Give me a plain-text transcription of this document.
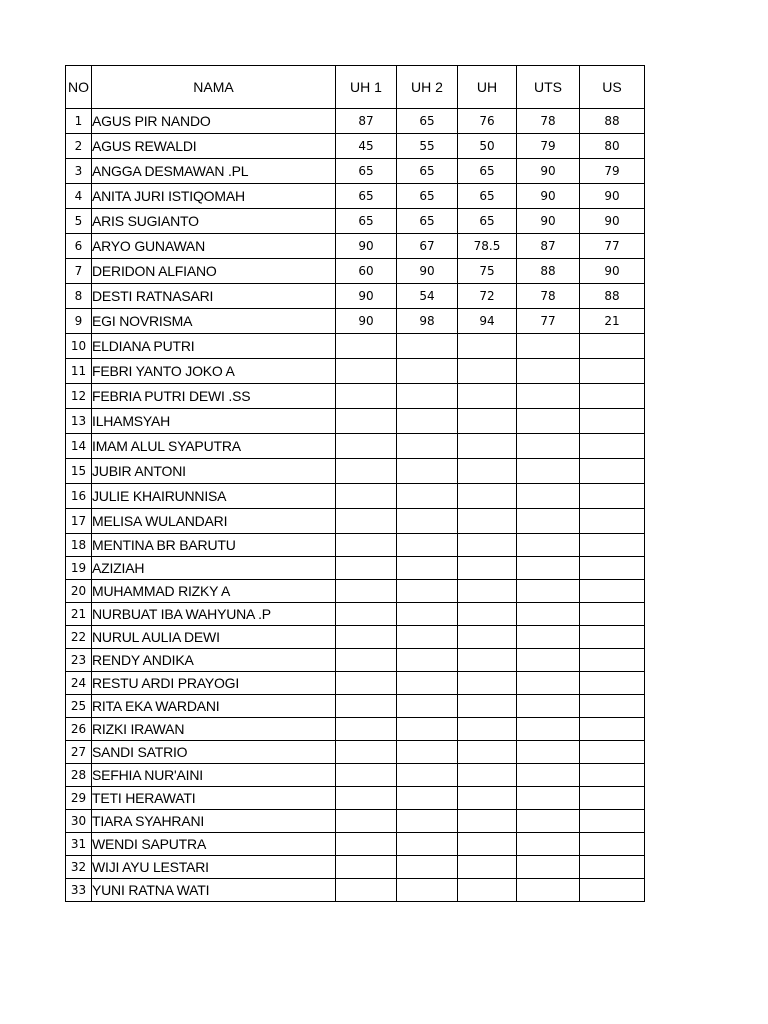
NO	NAMA	UH 1	UH 2	UH	UTS	US
1	AGUS PIR NANDO	87	65	76	78	88
2	AGUS REWALDI	45	55	50	79	80
3	ANGGA DESMAWAN .PL	65	65	65	90	79
4	ANITA JURI ISTIQOMAH	65	65	65	90	90
5	ARIS SUGIANTO	65	65	65	90	90
6	ARYO GUNAWAN	90	67	78.5	87	77
7	DERIDON ALFIANO	60	90	75	88	90
8	DESTI RATNASARI	90	54	72	78	88
9	EGI NOVRISMA	90	98	94	77	21
10	ELDIANA PUTRI					
11	FEBRI YANTO JOKO A					
12	FEBRIA PUTRI DEWI .SS					
13	ILHAMSYAH					
14	IMAM ALUL SYAPUTRA					
15	JUBIR ANTONI					
16	JULIE KHAIRUNNISA					
17	MELISA WULANDARI					
18	MENTINA BR BARUTU					
19	AZIZIAH					
20	MUHAMMAD RIZKY A					
21	NURBUAT IBA WAHYUNA .P					
22	NURUL AULIA DEWI					
23	RENDY ANDIKA					
24	RESTU ARDI PRAYOGI					
25	RITA EKA WARDANI					
26	RIZKI IRAWAN					
27	SANDI SATRIO					
28	SEFHIA NUR'AINI					
29	TETI HERAWATI					
30	TIARA SYAHRANI					
31	WENDI SAPUTRA					
32	WIJI AYU LESTARI					
33	YUNI RATNA WATI					
